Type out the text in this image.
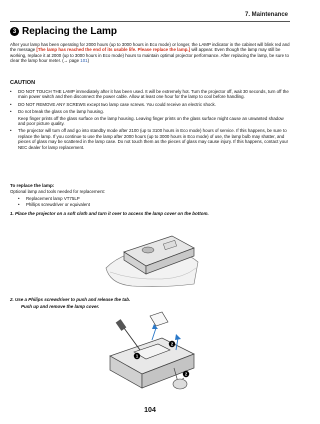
7. Maintenance
3 Replacing the Lamp
After your lamp has been operating for 2000 hours (up to 3000 hours in Eco mode) or longer, the LAMP indicator in the cabinet will blink red and the message [The lamp has reached the end of its usable life. Please replace the lamp.] will appear. Even though the lamp may still be working, replace it at 2000 (up to 3000 hours in Eco mode) hours to maintain optimal projector performance. After replacing the lamp, be sure to clear the lamp hour meter. (→ page 101)
CAUTION
•	DO NOT TOUCH THE LAMP immediately after it has been used. It will be extremely hot. Turn the projector off, wait 30 seconds, turn off the main power switch and then disconnect the power cable. Allow at least one hour for the lamp to cool before handling.
•	DO NOT REMOVE ANY SCREWS except two lamp case screws. You could receive an electric shock.
•	Do not break the glass on the lamp housing.
Keep finger prints off the glass surface on the lamp housing. Leaving finger prints on the glass surface might cause an unwanted shadow and poor picture quality.
•	The projector will turn off and go into standby mode after 2100 (up to 3100 hours in Eco mode) hours of service. If this happens, be sure to replace the lamp. If you continue to use the lamp after 2000 hours (up to 3000 hours in Eco mode) of use, the lamp bulb may shatter, and pieces of glass may be scattered in the lamp case. Do not touch them as the pieces of glass may cause injury. If this happens, contact your NEC dealer for lamp replacement.
To replace the lamp:
Optional lamp and tools needed for replacement:
•	Replacement lamp VT75LP
•	Phillips screwdriver or equivalent
1. Place the projector on a soft cloth and turn it over to access the lamp cover on the bottom.
2. Use a Philips screwdriver to push and release the tab.
Push up and remove the lamp cover.
1
2
2
104
